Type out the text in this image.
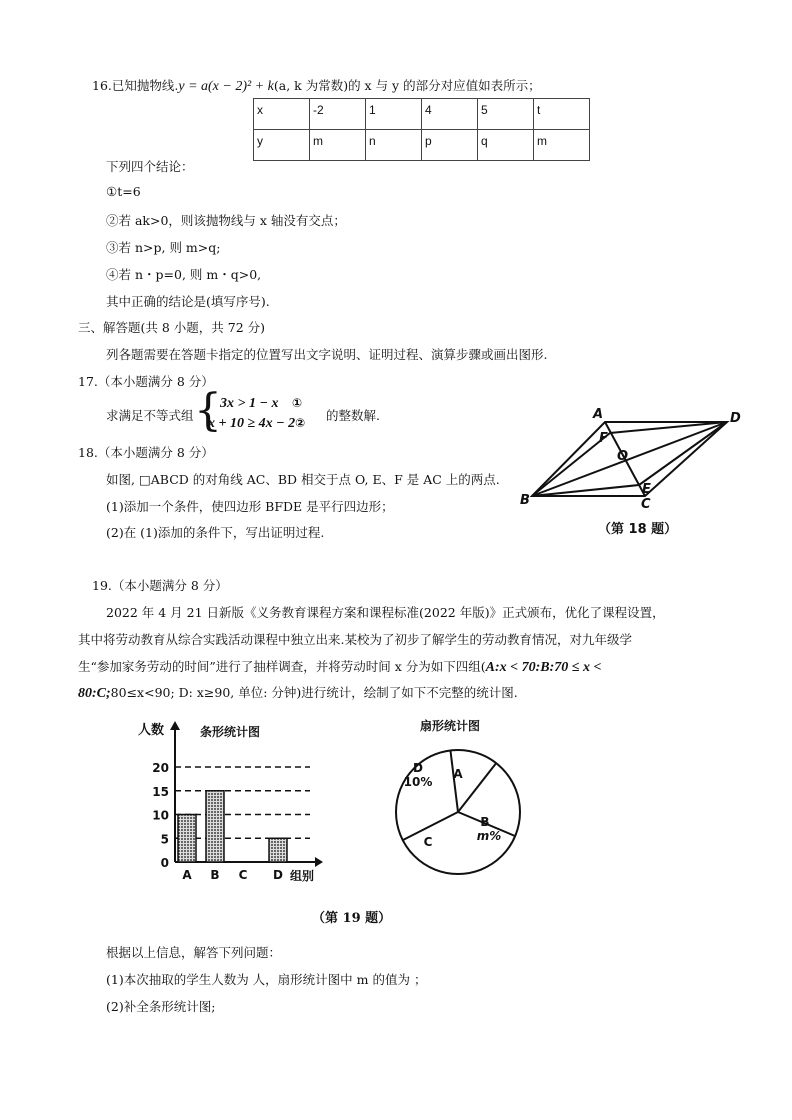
16.已知抛物线.y = a(x − 2)² + k(a, k 为常数)的 x 与 y 的部分对应值如表所示；
x	-2	1	4	5	t
y	m	n	p	q	m
下列四个结论：
①t=6
②若 ak>0，则该抛物线与 x 轴没有交点；
③若 n>p, 则 m>q;
④若 n・p=0, 则 m・q>0,
其中正确的结论是(填写序号).
三、解答题(共 8 小题，共 72 分)
列各题需要在答题卡指定的位置写出文字说明、证明过程、演算步骤或画出图形.
17.（本小题满分 8 分）
求满足不等式组 {
3x > 1 − x ①
x + 10 ≥ 4x − 2② 的整数解.
18.（本小题满分 8 分）
如图, □ABCD 的对角线 AC、BD 相交于点 O, E、F 是 AC 上的两点.
(1)添加一个条件，使四边形 BFDE 是平行四边形；
(2)在 (1)添加的条件下，写出证明过程.
A	D
F
O
E
B	C
（第 18 题）
19.（本小题满分 8 分）
2022 年 4 月 21 日新版《义务教育课程方案和课程标准(2022 年版)》正式颁布，优化了课程设置，
其中将劳动教育从综合实践活动课程中独立出来.某校为了初步了解学生的劳动教育情况，对九年级学
生“参加家务劳动的时间”进行了抽样调查，并将劳动时间 x 分为如下四组(A:x < 70:B:70 ≤ x <
80:C;80≤x<90; D: x≥90, 单位: 分钟)进行统计，绘制了如下不完整的统计图.
人数	条形统计图
组别
0
5
10
15
20
A B C D
扇形统计图
A
B
m%
C
D
10%
（第 19 题）
根据以上信息，解答下列问题：
(1)本次抽取的学生人数为 人，扇形统计图中 m 的值为 ；
(2)补全条形统计图;
